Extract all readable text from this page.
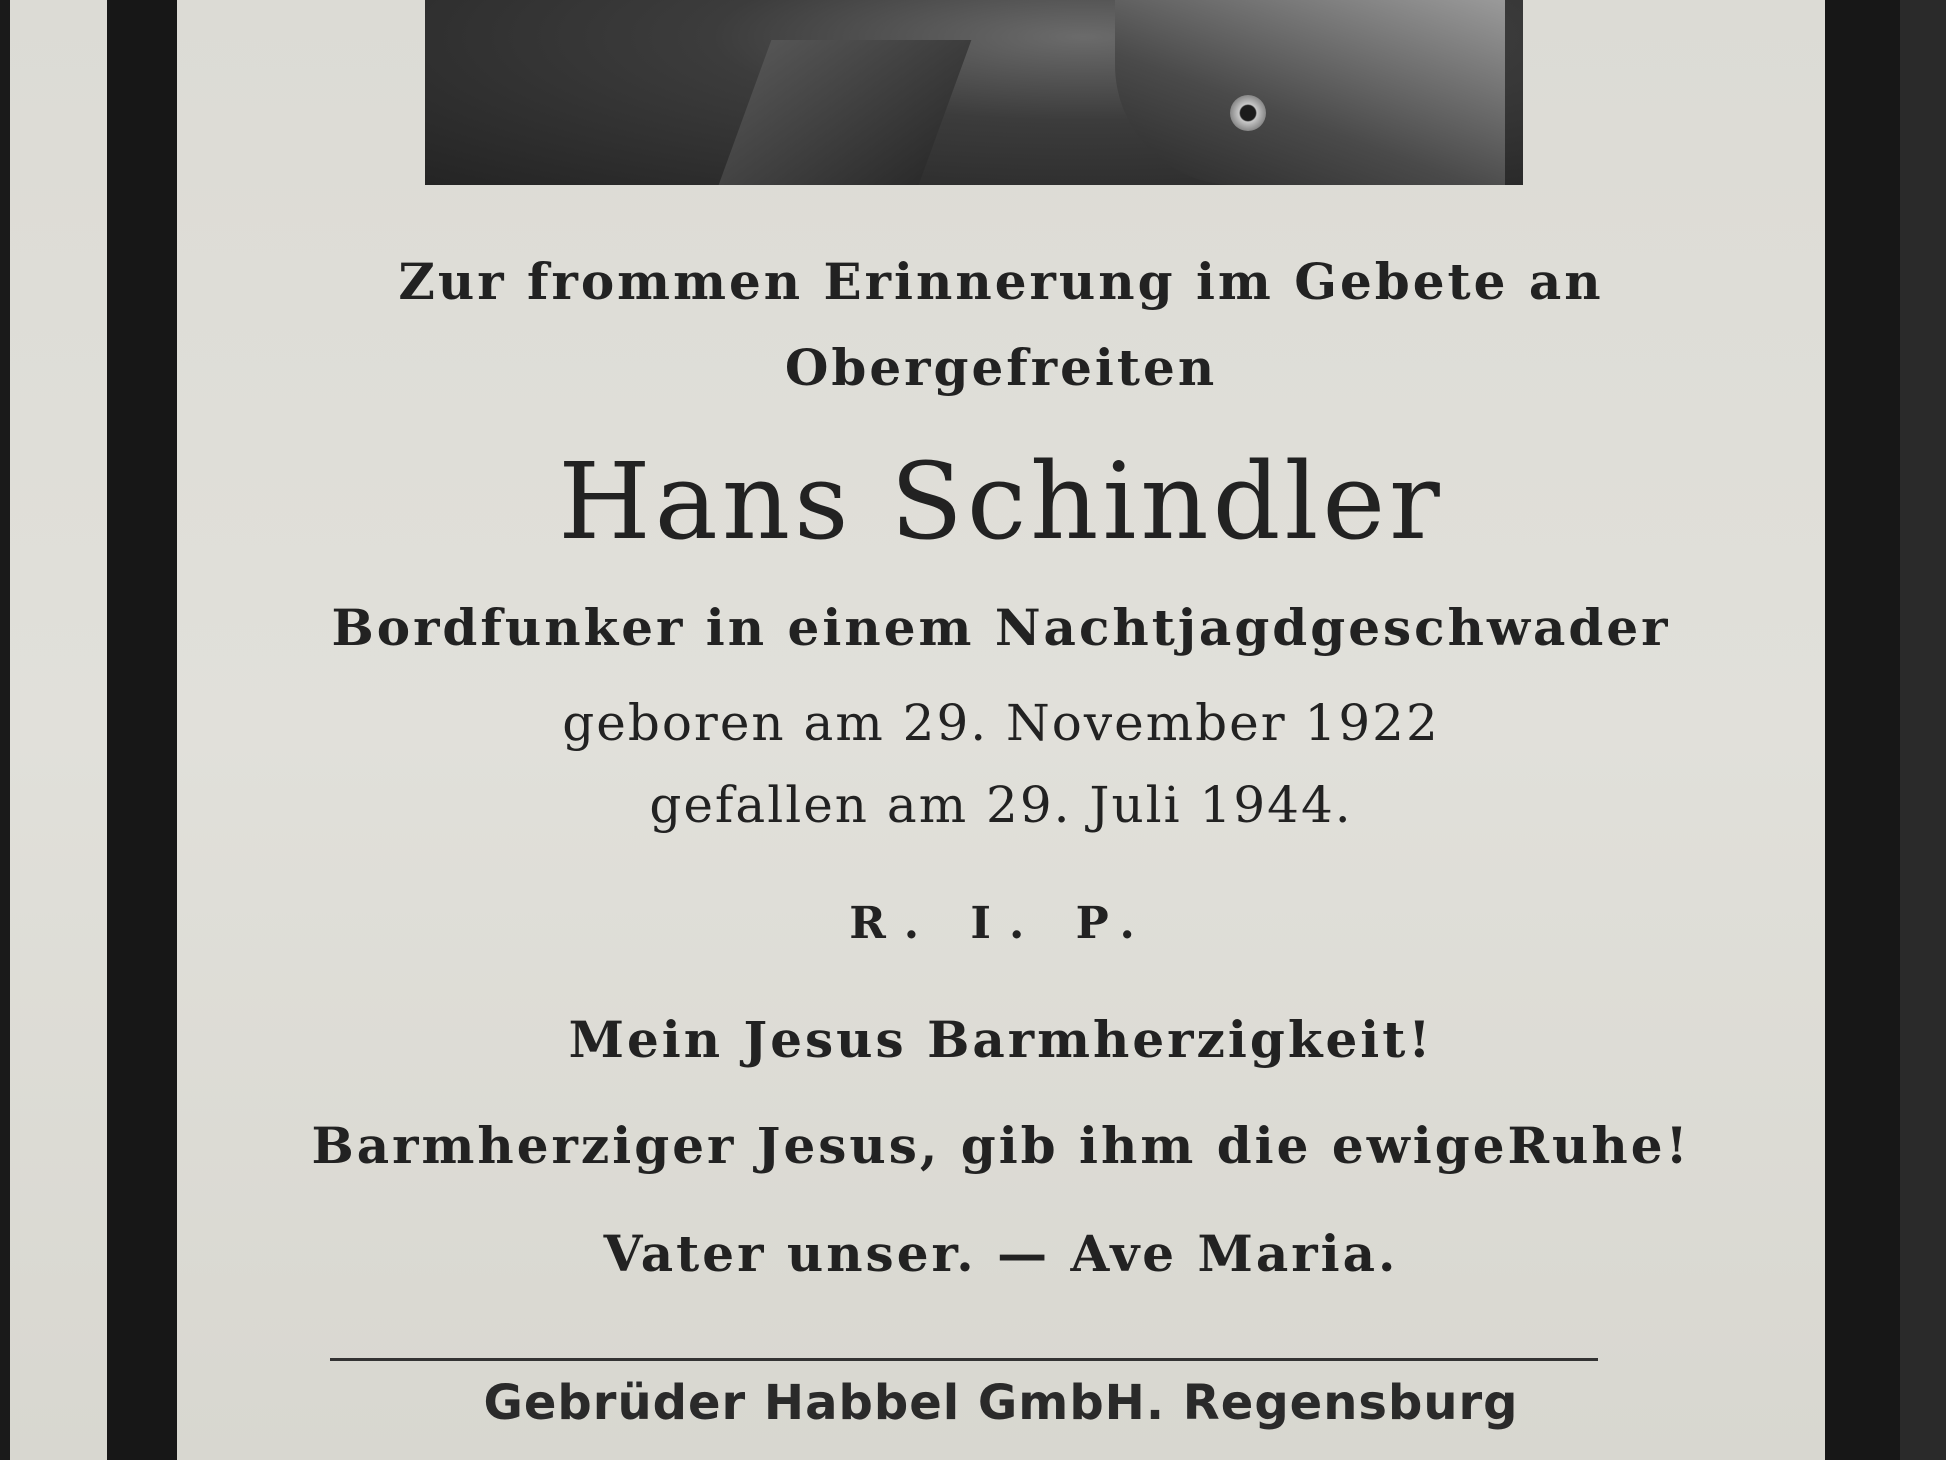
Zur frommen Erinnerung im Gebete an
Obergefreiten
Hans Schindler
Bordfunker in einem Nachtjagdgeschwader
geboren am 29. November 1922
gefallen am 29. Juli 1944.
R. I. P.
Mein Jesus Barmherzigkeit!
Barmherziger Jesus, gib ihm die ewigeRuhe!
Vater unser. — Ave Maria.
Gebrüder Habbel GmbH. Regensburg
